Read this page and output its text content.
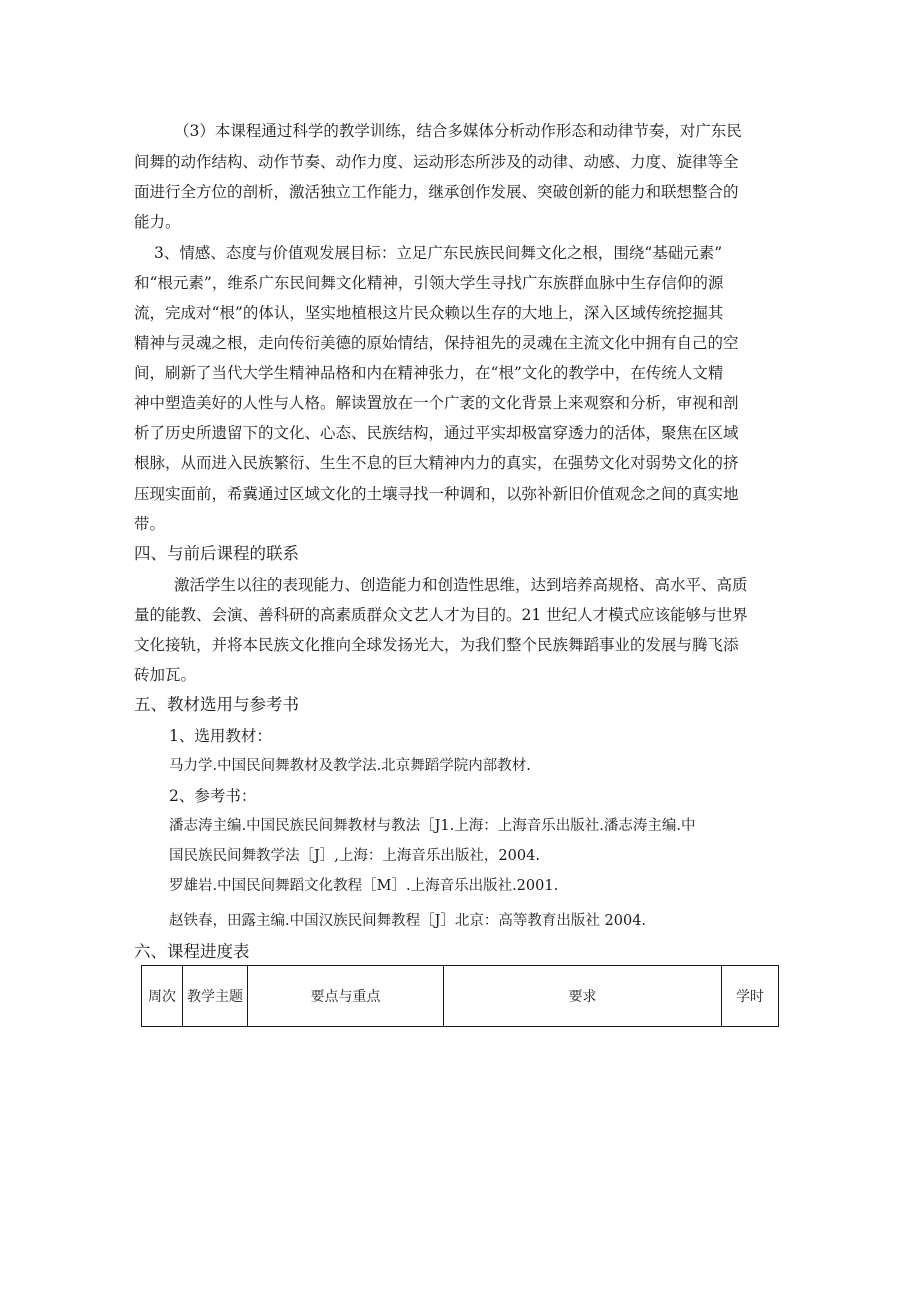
（3）本课程通过科学的教学训练，结合多媒体分析动作形态和动律节奏，对广东民
间舞的动作结构、动作节奏、动作力度、运动形态所涉及的动律、动感、力度、旋律等全
面进行全方位的剖析，激活独立工作能力，继承创作发展、突破创新的能力和联想整合的
能力。
3、情感、态度与价值观发展目标：立足广东民族民间舞文化之根，围绕“基础元素”
和“根元素”，维系广东民间舞文化精神，引领大学生寻找广东族群血脉中生存信仰的源
流，完成对“根”的体认，坚实地植根这片民众赖以生存的大地上，深入区域传统挖掘其
精神与灵魂之根，走向传衍美德的原始情结，保持祖先的灵魂在主流文化中拥有自己的空
间，刷新了当代大学生精神品格和内在精神张力，在“根”文化的教学中，在传统人文精
神中塑造美好的人性与人格。解读置放在一个广袤的文化背景上来观察和分析，审视和剖
析了历史所遗留下的文化、心态、民族结构，通过平实却极富穿透力的活体，聚焦在区域
根脉，从而进入民族繁衍、生生不息的巨大精神内力的真实，在强势文化对弱势文化的挤
压现实面前，希冀通过区域文化的土壤寻找一种调和，以弥补新旧价值观念之间的真实地
带。
四、与前后课程的联系
激活学生以往的表现能力、创造能力和创造性思维，达到培养高规格、高水平、高质
量的能教、会演、善科研的高素质群众文艺人才为目的。21 世纪人才模式应该能够与世界
文化接轨，并将本民族文化推向全球发扬光大，为我们整个民族舞蹈事业的发展与腾飞添
砖加瓦。
五、教材选用与参考书
1、选用教材：
马力学.中国民间舞教材及教学法.北京舞蹈学院内部教材.
2、参考书：
潘志涛主编.中国民族民间舞教材与教法［J1.上海：上海音乐出版社.潘志涛主编.中
国民族民间舞教学法［J］,上海：上海音乐出版社，2004.
罗雄岩.中国民间舞蹈文化教程［M］.上海音乐出版社.2001.
赵铁春，田露主编.中国汉族民间舞教程［J］北京：高等教育出版社 2004.
六、课程进度表
周次	教学主题	要点与重点	要求	学时
